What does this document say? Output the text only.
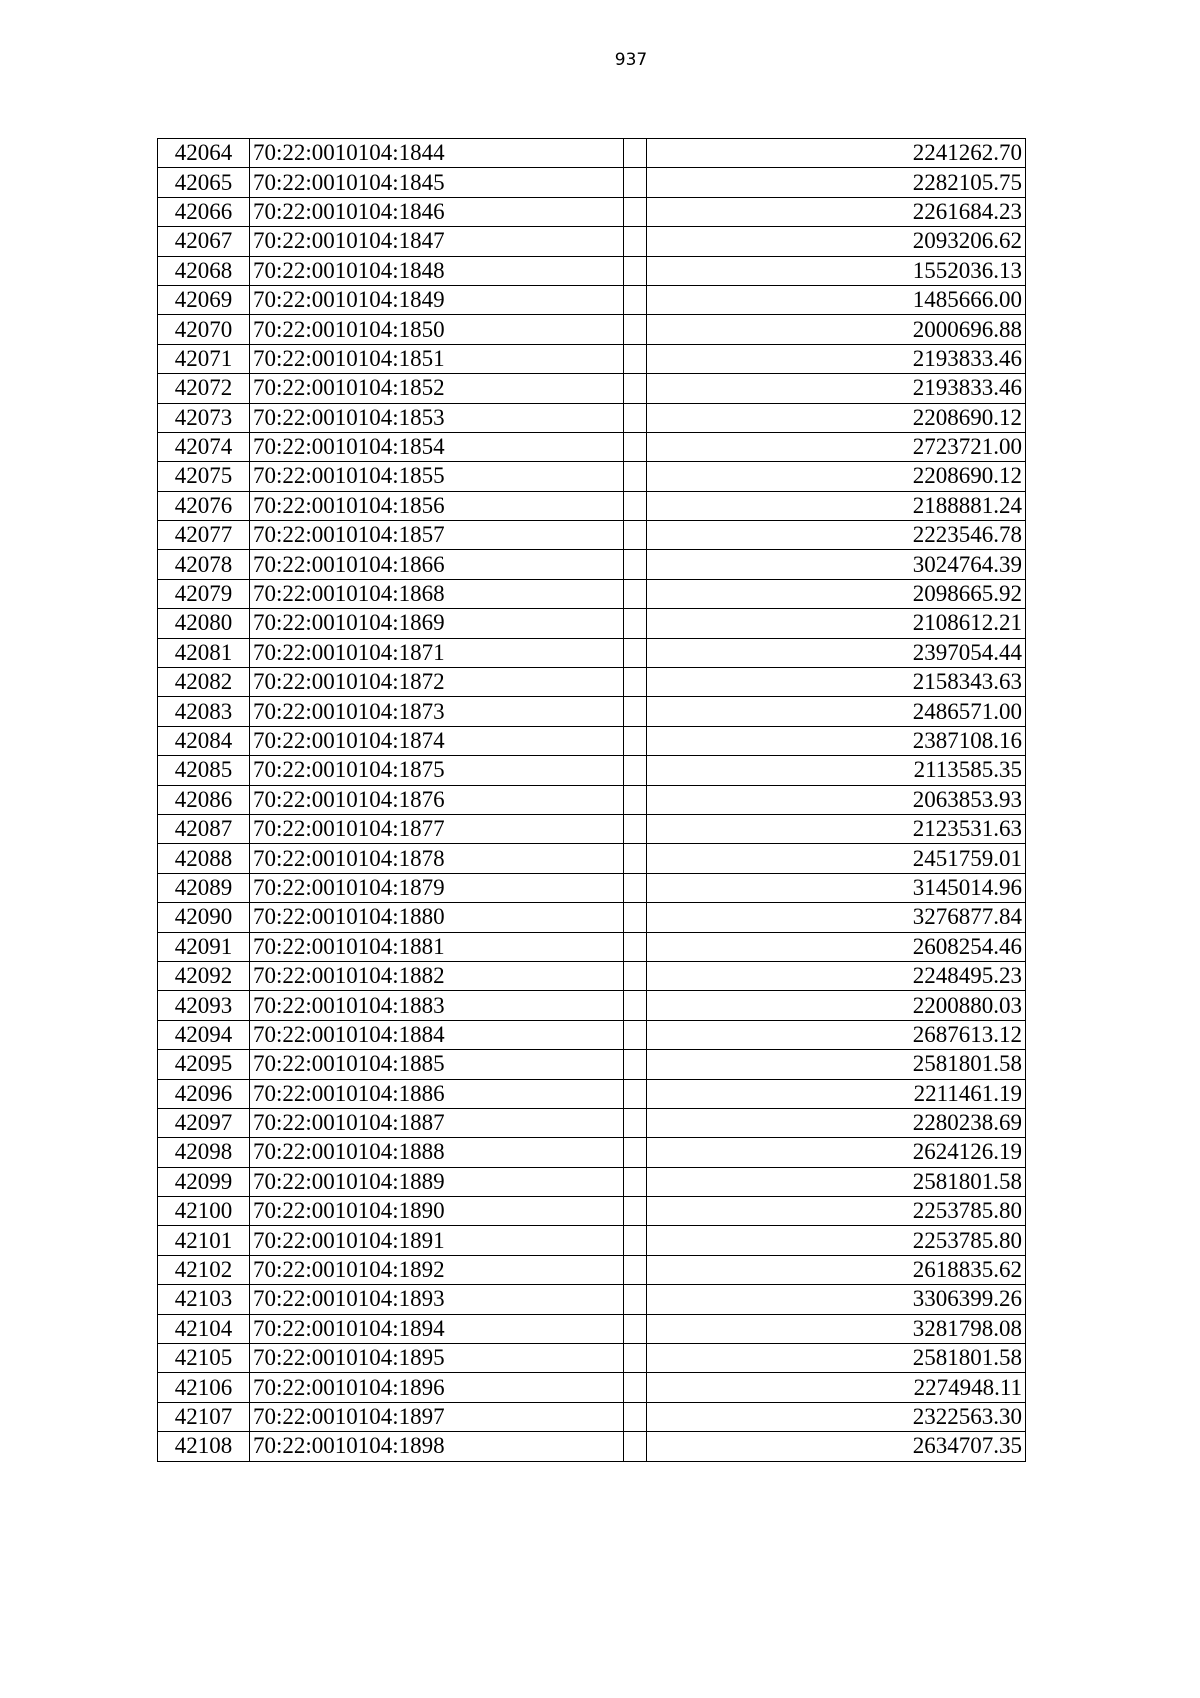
937
42064	70:22:0010104:1844		2241262.70
42065	70:22:0010104:1845		2282105.75
42066	70:22:0010104:1846		2261684.23
42067	70:22:0010104:1847		2093206.62
42068	70:22:0010104:1848		1552036.13
42069	70:22:0010104:1849		1485666.00
42070	70:22:0010104:1850		2000696.88
42071	70:22:0010104:1851		2193833.46
42072	70:22:0010104:1852		2193833.46
42073	70:22:0010104:1853		2208690.12
42074	70:22:0010104:1854		2723721.00
42075	70:22:0010104:1855		2208690.12
42076	70:22:0010104:1856		2188881.24
42077	70:22:0010104:1857		2223546.78
42078	70:22:0010104:1866		3024764.39
42079	70:22:0010104:1868		2098665.92
42080	70:22:0010104:1869		2108612.21
42081	70:22:0010104:1871		2397054.44
42082	70:22:0010104:1872		2158343.63
42083	70:22:0010104:1873		2486571.00
42084	70:22:0010104:1874		2387108.16
42085	70:22:0010104:1875		2113585.35
42086	70:22:0010104:1876		2063853.93
42087	70:22:0010104:1877		2123531.63
42088	70:22:0010104:1878		2451759.01
42089	70:22:0010104:1879		3145014.96
42090	70:22:0010104:1880		3276877.84
42091	70:22:0010104:1881		2608254.46
42092	70:22:0010104:1882		2248495.23
42093	70:22:0010104:1883		2200880.03
42094	70:22:0010104:1884		2687613.12
42095	70:22:0010104:1885		2581801.58
42096	70:22:0010104:1886		2211461.19
42097	70:22:0010104:1887		2280238.69
42098	70:22:0010104:1888		2624126.19
42099	70:22:0010104:1889		2581801.58
42100	70:22:0010104:1890		2253785.80
42101	70:22:0010104:1891		2253785.80
42102	70:22:0010104:1892		2618835.62
42103	70:22:0010104:1893		3306399.26
42104	70:22:0010104:1894		3281798.08
42105	70:22:0010104:1895		2581801.58
42106	70:22:0010104:1896		2274948.11
42107	70:22:0010104:1897		2322563.30
42108	70:22:0010104:1898		2634707.35
